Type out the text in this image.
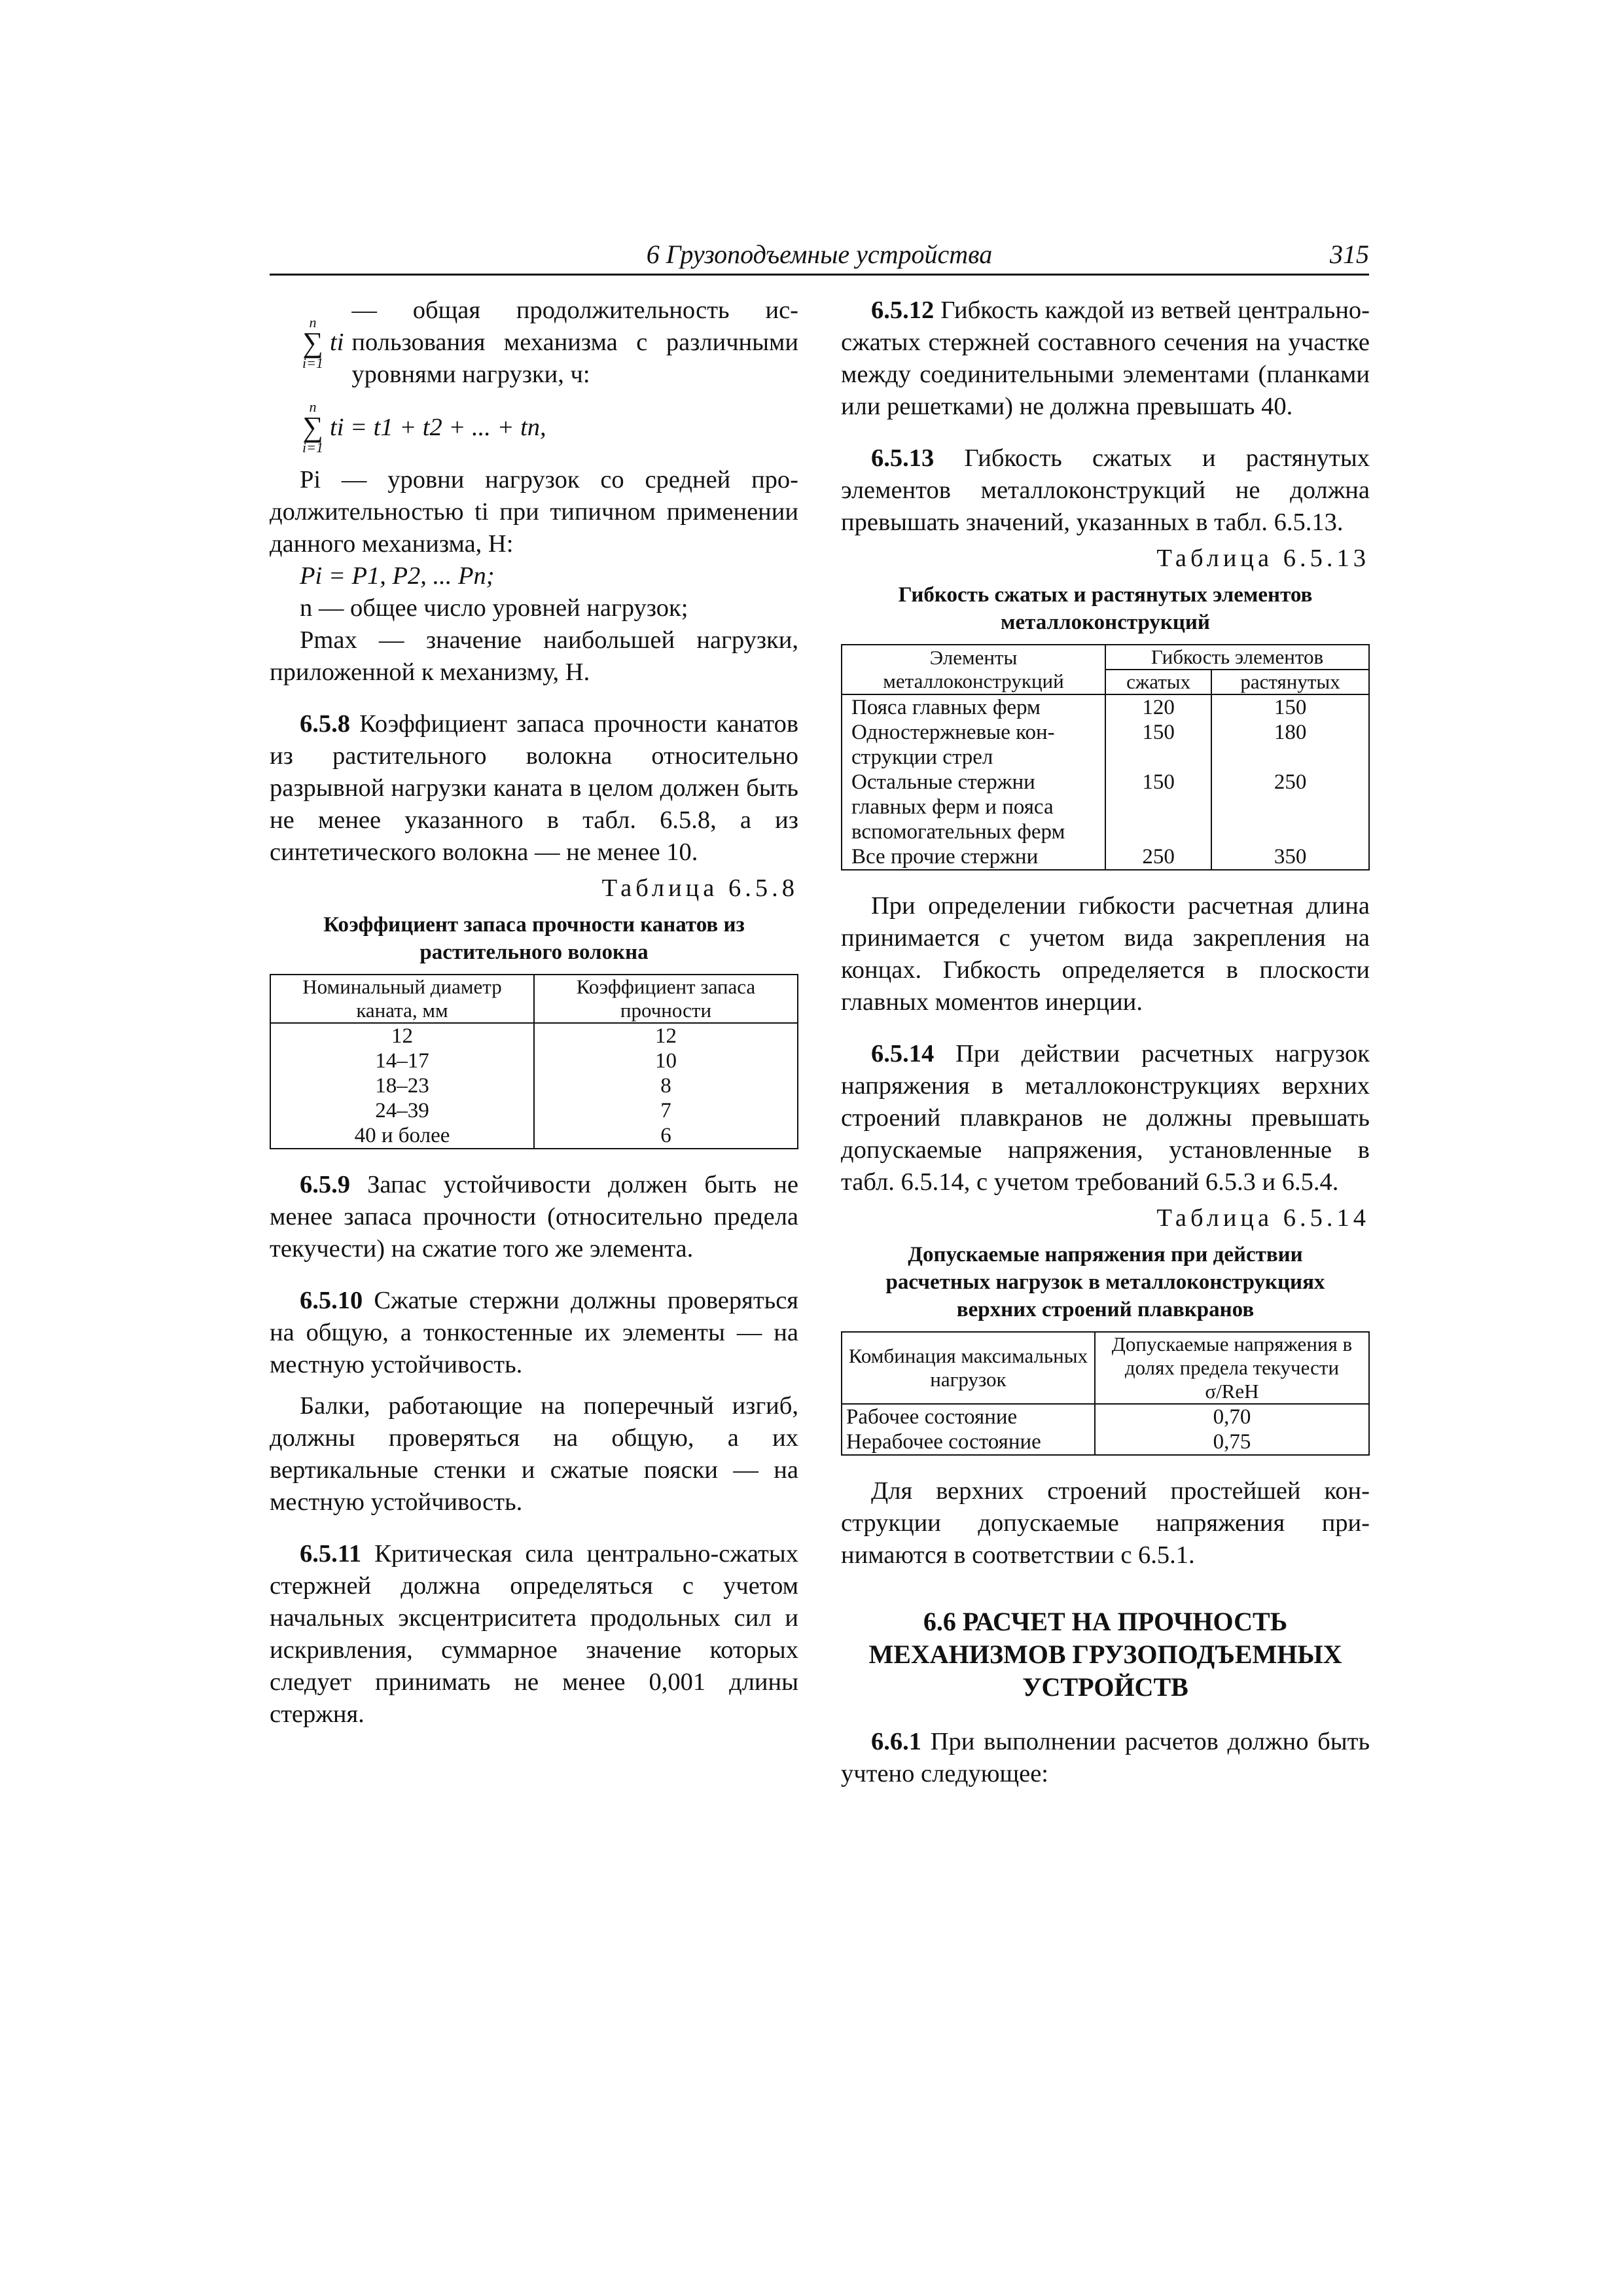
6 Грузоподъемные устройства	315
n
∑
i=1
ti
— общая продолжительность использования механизма с различными уровнями нагрузки, ч:
n
∑
i=1
ti = t1 + t2 + ... + tn,

Pi — уровни нагрузок со средней продолжительностью ti при типичном применении данного механизма, Н:

Pi = P1, P2, ... Pn;

n — общее число уровней нагрузок;

Pmax — значение наибольшей нагрузки, приложенной к механизму, Н.

6.5.8 Коэффициент запаса прочности канатов из растительного волокна относительно разрывной нагрузки каната в целом должен быть не менее указанного в табл. 6.5.8, а из синтетического волокна — не менее 10.

Таблица 6.5.8
Коэффициент запаса прочности канатов из растительного волокна
Номинальный диаметр каната, мм	Коэффициент запаса прочности
12	12
14–17	10
18–23	8
24–39	7
40 и более	6

6.5.9 Запас устойчивости должен быть не менее запаса прочности (относительно предела текучести) на сжатие того же элемента.

6.5.10 Сжатые стержни должны проверяться на общую, а тонкостенные их элементы — на местную устойчивость.

Балки, работающие на поперечный изгиб, должны проверяться на общую, а их вертикальные стенки и сжатые пояски — на местную устойчивость.

6.5.11 Критическая сила центрально-сжатых стержней должна определяться с учетом начальных эксцентриситета продольных сил и искривления, суммарное значение которых следует принимать не менее 0,001 длины стержня.

6.5.12 Гибкость каждой из ветвей центрально-сжатых стержней составного сечения на участке между соединительными элементами (планками или решетками) не должна превышать 40.

6.5.13 Гибкость сжатых и растянутых элементов металлоконструкций не должна превышать значений, указанных в табл. 6.5.13.

Таблица 6.5.13
Гибкость сжатых и растянутых элементов металлоконструкций
Элементы металлоконструкций	Гибкость элементов	
	сжатых	растянутых
Пояса главных ферм	120	150
Одностержневые конструкции стрел	150	180
Остальные стержни главных ферм и пояса вспомогательных ферм	150	250
Все прочие стержни	250	350

При определении гибкости расчетная длина принимается с учетом вида закрепления на концах. Гибкость определяется в плоскости главных моментов инерции.

6.5.14 При действии расчетных нагрузок напряжения в металлоконструкциях верхних строений плавкранов не должны превышать допускаемые напряжения, установленные в табл. 6.5.14, с учетом требований 6.5.3 и 6.5.4.

Таблица 6.5.14
Допускаемые напряжения при действии расчетных нагрузок в металлоконструкциях верхних строений плавкранов
Комбинация максимальных нагрузок	Допускаемые напряжения в долях предела текучести σ/ReH
Рабочее состояние	0,70
Нерабочее состояние	0,75

Для верхних строений простейшей конструкции допускаемые напряжения принимаются в соответствии с 6.5.1.

6.6 РАСЧЕТ НА ПРОЧНОСТЬ МЕХАНИЗМОВ ГРУЗОПОДЪЕМНЫХ УСТРОЙСТВ

6.6.1 При выполнении расчетов должно быть учтено следующее:
